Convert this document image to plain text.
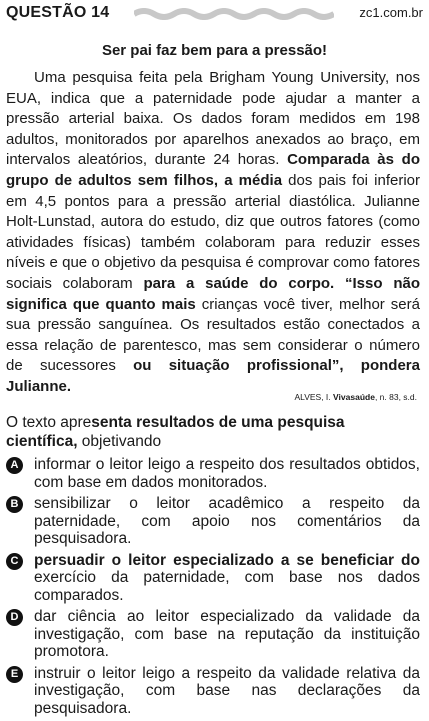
QUESTÃO 14	zc1.com.br
Ser pai faz bem para a pressão!
Uma pesquisa feita pela Brigham Young University, nos EUA, indica que a paternidade pode ajudar a manter a pressão arterial baixa. Os dados foram medidos em 198 adultos, monitorados por aparelhos anexados ao braço, em intervalos aleatórios, durante 24 horas. Comparada às do grupo de adultos sem filhos, a média dos pais foi inferior em 4,5 pontos para a pressão arterial diastólica. Julianne Holt-Lunstad, autora do estudo, diz que outros fatores (como atividades físicas) também colaboram para reduzir esses níveis e que o objetivo da pesquisa é comprovar como fatores sociais colaboram para a saúde do corpo. “Isso não significa que quanto mais crianças você tiver, melhor será sua pressão sanguínea. Os resultados estão conectados a essa relação de parentesco, mas sem considerar o número de sucessores ou situação profissional”, pondera Julianne.
ALVES, I. Vivasaúde, n. 83, s.d.
O texto apresenta resultados de uma pesquisa científica, objetivando
A informar o leitor leigo a respeito dos resultados obtidos, com base em dados monitorados.
B sensibilizar o leitor acadêmico a respeito da paternidade, com apoio nos comentários da pesquisadora.
C persuadir o leitor especializado a se beneficiar do exercício da paternidade, com base nos dados comparados.
D dar ciência ao leitor especializado da validade da investigação, com base na reputação da instituição promotora.
E	instruir o leitor leigo a respeito da validade relativa da investigação, com base nas declarações da pesquisadora.
